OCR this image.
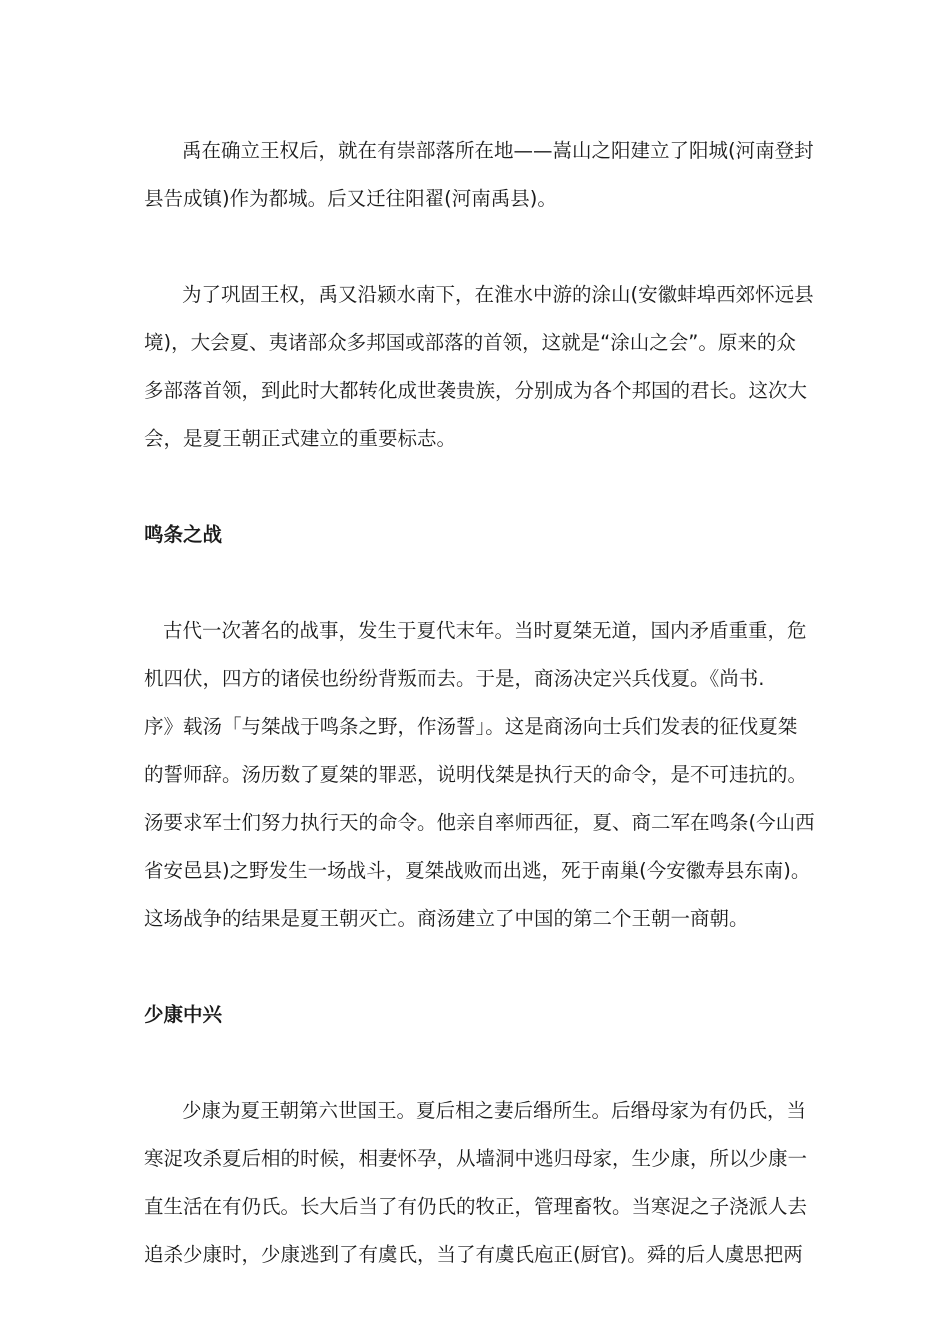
禹在确立王权后，就在有崇部落所在地——嵩山之阳建立了阳城(河南登封
县告成镇)作为都城。后又迁往阳翟(河南禹县)。
为了巩固王权，禹又沿颍水南下，在淮水中游的涂山(安徽蚌埠西郊怀远县
境)，大会夏、夷诸部众多邦国或部落的首领，这就是“涂山之会”。原来的众
多部落首领，到此时大都转化成世袭贵族，分别成为各个邦国的君长。这次大
会，是夏王朝正式建立的重要标志。
鸣条之战
古代一次著名的战事，发生于夏代末年。当时夏桀无道，国内矛盾重重，危
机四伏，四方的诸侯也纷纷背叛而去。于是，商汤决定兴兵伐夏。《尚书.
序》载汤「与桀战于鸣条之野，作汤誓」。这是商汤向士兵们发表的征伐夏桀
的誓师辞。汤历数了夏桀的罪恶，说明伐桀是执行天的命令，是不可违抗的。
汤要求军士们努力执行天的命令。他亲自率师西征，夏、商二军在鸣条(今山西
省安邑县)之野发生一场战斗，夏桀战败而出逃，死于南巢(今安徽寿县东南)。
这场战争的结果是夏王朝灭亡。商汤建立了中国的第二个王朝一商朝。
少康中兴
少康为夏王朝第六世国王。夏后相之妻后缗所生。后缗母家为有仍氏，当
寒浞攻杀夏后相的时候，相妻怀孕，从墙洞中逃归母家，生少康，所以少康一
直生活在有仍氏。长大后当了有仍氏的牧正，管理畜牧。当寒浞之子浇派人去
追杀少康时，少康逃到了有虞氏，当了有虞氏庖正(厨官)。舜的后人虞思把两
